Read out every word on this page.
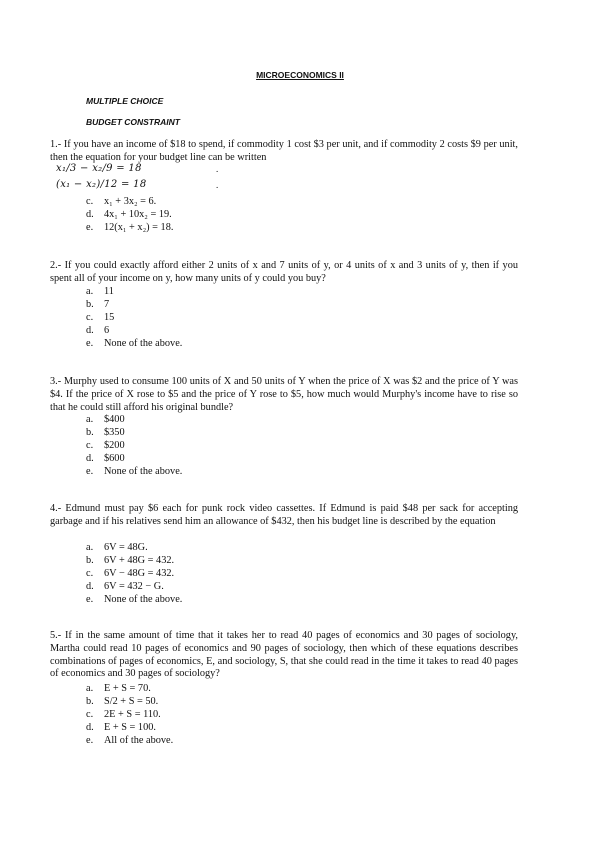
MICROECONOMICS II
MULTIPLE CHOICE
BUDGET CONSTRAINT
1.- If you have an income of $18 to spend, if commodity 1 cost $3 per unit, and if commodity 2 costs $9 per unit, then the equation for your budget line can be written
x₁/3 − x₂/9 = 18	.
(x₁ − x₂)/12 = 18	.
c. x₁ + 3x₂ = 6.
d. 4x₁ + 10x₂ = 19.
e. 12(x₁ + x₂) = 18.
2.- If you could exactly afford either 2 units of x and 7 units of y, or 4 units of x and 3 units of y, then if you spent all of your income on y, how many units of y could you buy?
a. 11
b. 7
c. 15
d. 6
e. None of the above.
3.- Murphy used to consume 100 units of X and 50 units of Y when the price of X was $2 and the price of Y was $4. If the price of X rose to $5 and the price of Y rose to $5, how much would Murphy's income have to rise so that he could still afford his original bundle?
a. $400
b. $350
c. $200
d. $600
e. None of the above.
4.- Edmund must pay $6 each for punk rock video cassettes. If Edmund is paid $48 per sack for accepting garbage and if his relatives send him an allowance of $432, then his budget line is described by the equation
a. 6V = 48G.
b. 6V + 48G = 432.
c. 6V − 48G = 432.
d. 6V = 432 − G.
e. None of the above.
5.- If in the same amount of time that it takes her to read 40 pages of economics and 30 pages of sociology, Martha could read 10 pages of economics and 90 pages of sociology, then which of these equations describes combinations of pages of economics, E, and sociology, S, that she could read in the time it takes to read 40 pages of economics and 30 pages of sociology?
a. E + S = 70.
b. S/2 + S = 50.
c. 2E + S = 110.
d. E + S = 100.
e. All of the above.
